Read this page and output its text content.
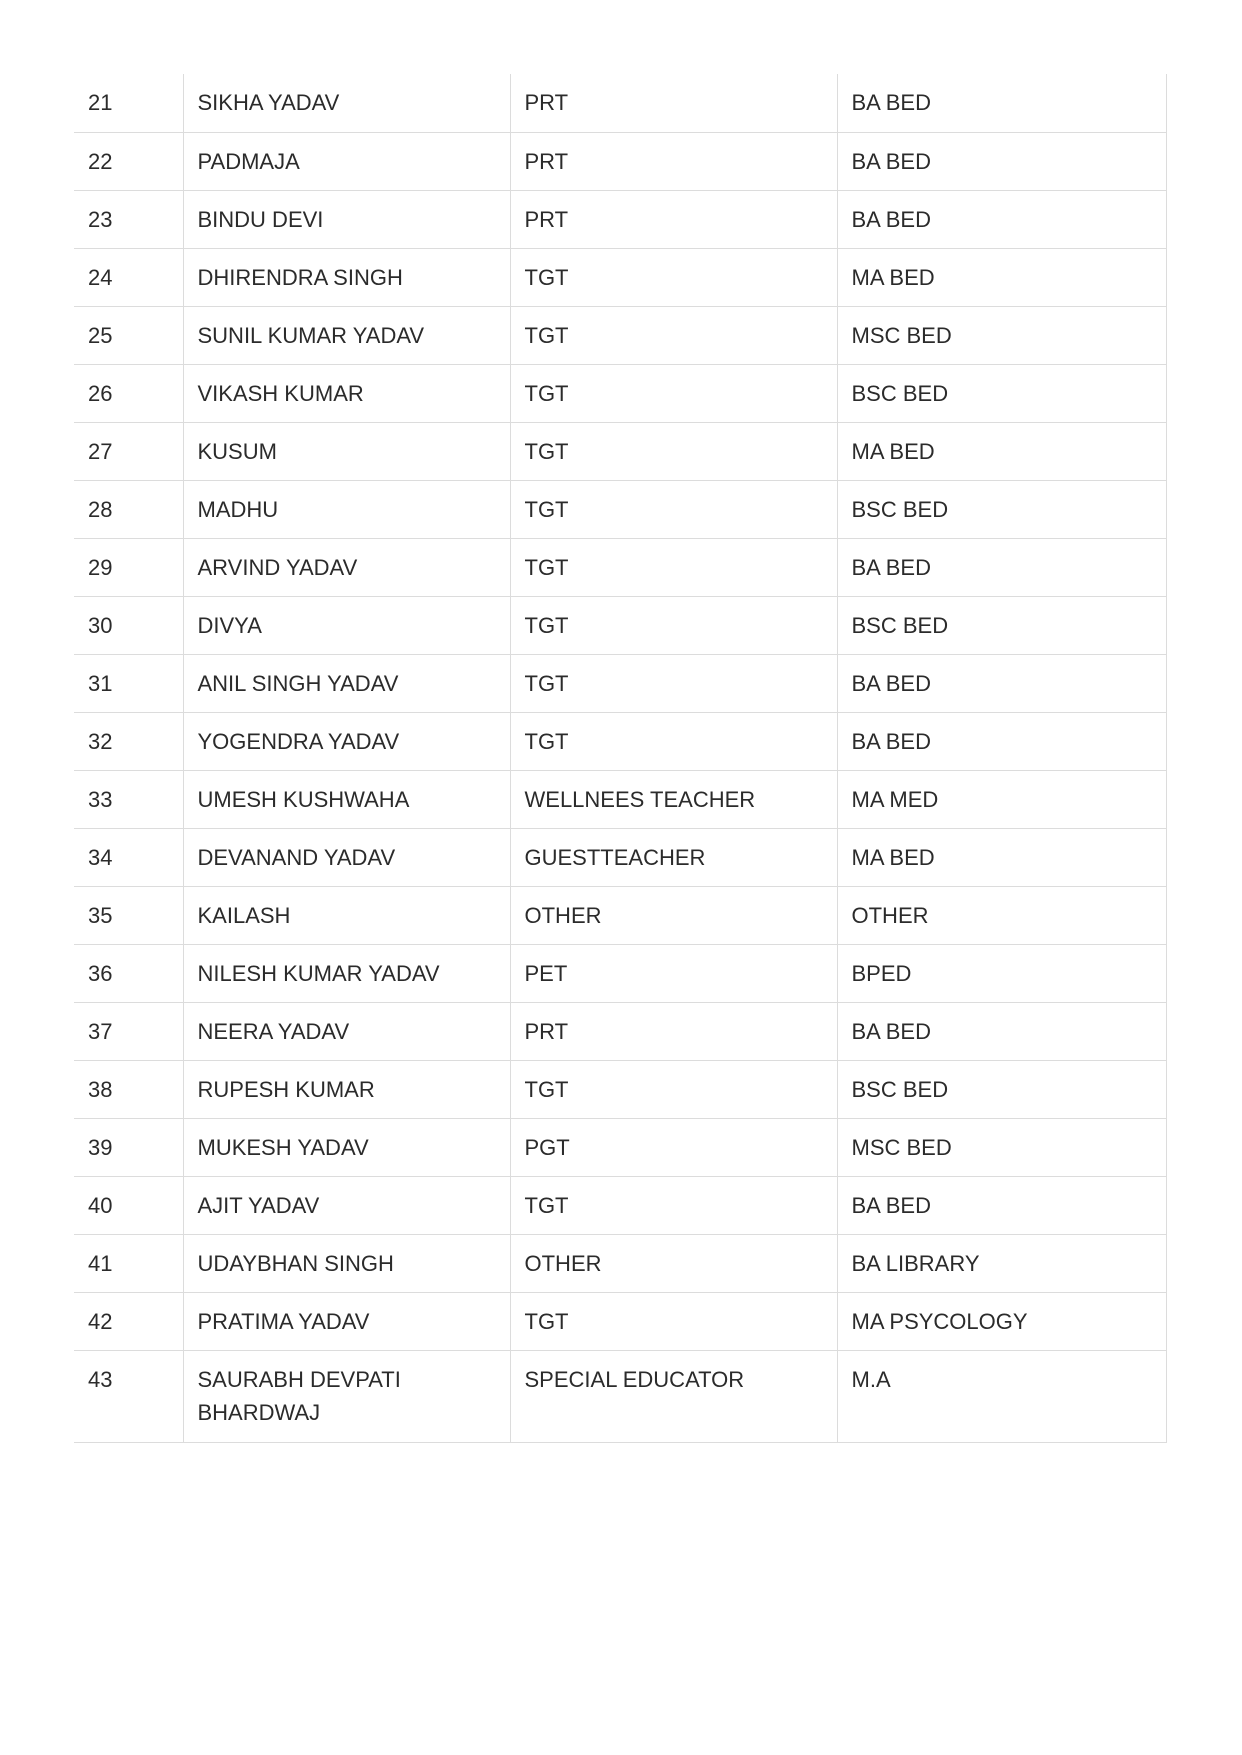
21	SIKHA YADAV	PRT	BA BED
22	PADMAJA	PRT	BA BED
23	BINDU DEVI	PRT	BA BED
24	DHIRENDRA SINGH	TGT	MA BED
25	SUNIL KUMAR YADAV	TGT	MSC BED
26	VIKASH KUMAR	TGT	BSC BED
27	KUSUM	TGT	MA BED
28	MADHU	TGT	BSC BED
29	ARVIND YADAV	TGT	BA BED
30	DIVYA	TGT	BSC BED
31	ANIL SINGH YADAV	TGT	BA BED
32	YOGENDRA YADAV	TGT	BA BED
33	UMESH KUSHWAHA	WELLNEES TEACHER	MA MED
34	DEVANAND YADAV	GUESTTEACHER	MA BED
35	KAILASH	OTHER	OTHER
36	NILESH KUMAR YADAV	PET	BPED
37	NEERA YADAV	PRT	BA BED
38	RUPESH KUMAR	TGT	BSC BED
39	MUKESH YADAV	PGT	MSC BED
40	AJIT YADAV	TGT	BA BED
41	UDAYBHAN SINGH	OTHER	BA LIBRARY
42	PRATIMA YADAV	TGT	MA PSYCOLOGY
43	SAURABH DEVPATI BHARDWAJ	SPECIAL EDUCATOR	M.A
